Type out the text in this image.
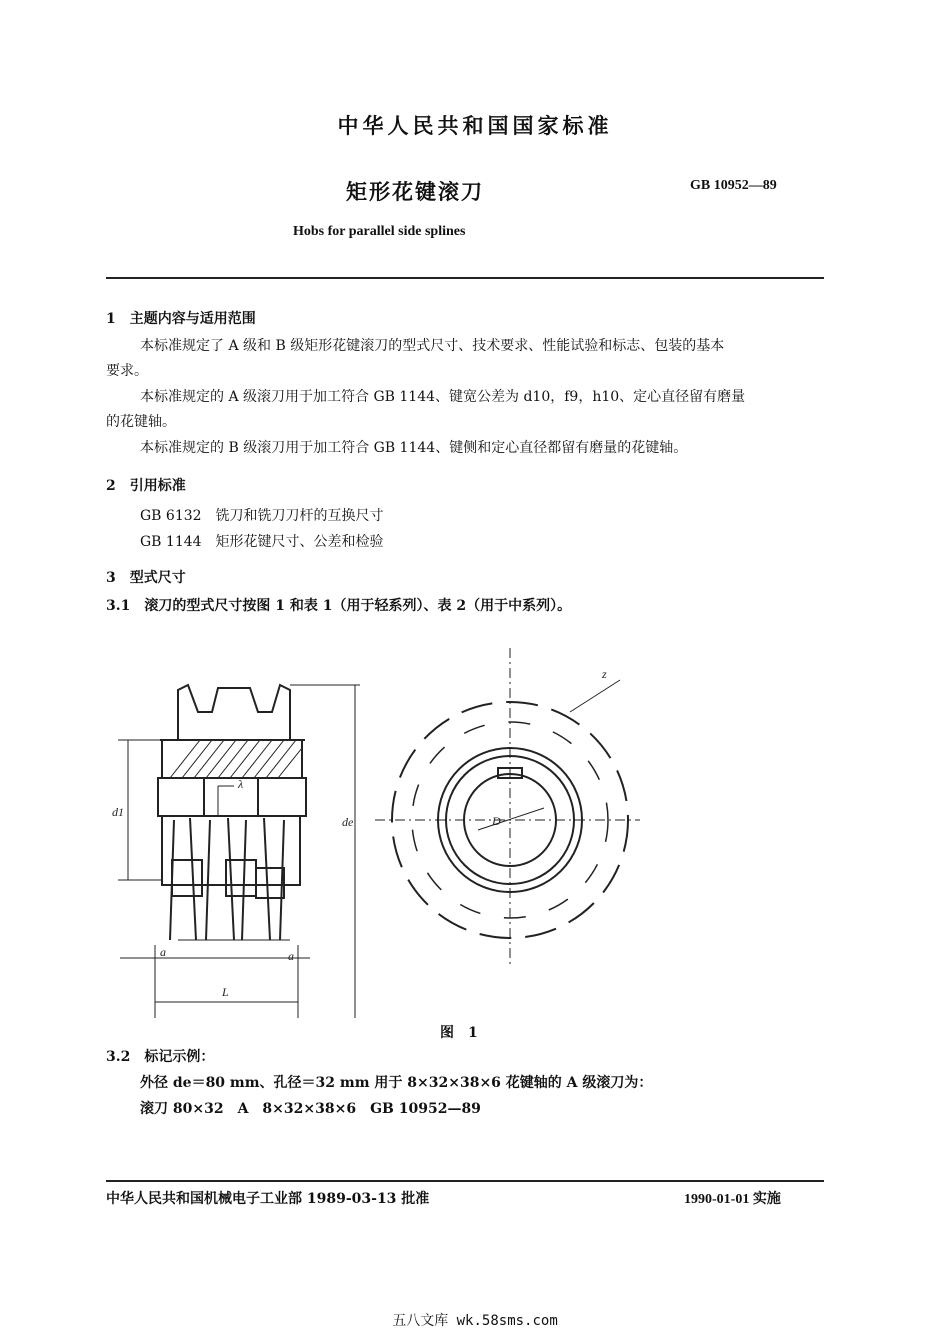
中华人民共和国国家标准
矩形花键滚刀	GB 10952—89
Hobs for parallel side splines
1　主题内容与适用范围
本标准规定了 A 级和 B 级矩形花键滚刀的型式尺寸、技术要求、性能试验和标志、包装的基本
要求。
本标准规定的 A 级滚刀用于加工符合 GB 1144、键宽公差为 d10，f9，h10、定心直径留有磨量
的花键轴。
本标准规定的 B 级滚刀用于加工符合 GB 1144、键侧和定心直径都留有磨量的花键轴。
2　引用标准
GB 6132　铣刀和铣刀刀杆的互换尺寸
GB 1144　矩形花键尺寸、公差和检验
3　型式尺寸
3.1　滚刀的型式尺寸按图 1 和表 1（用于轻系列）、表 2（用于中系列）。
d1
de
λ
a	a
L
D
z
图　1
3.2　标记示例：
外径 de＝80 mm、孔径＝32 mm 用于 8×32×38×6 花键轴的 A 级滚刀为：
滚刀 80×32　A　8×32×38×6　GB 10952—89
中华人民共和国机械电子工业部 1989-03-13 批准	1990-01-01 实施
五八文库 wk.58sms.com
